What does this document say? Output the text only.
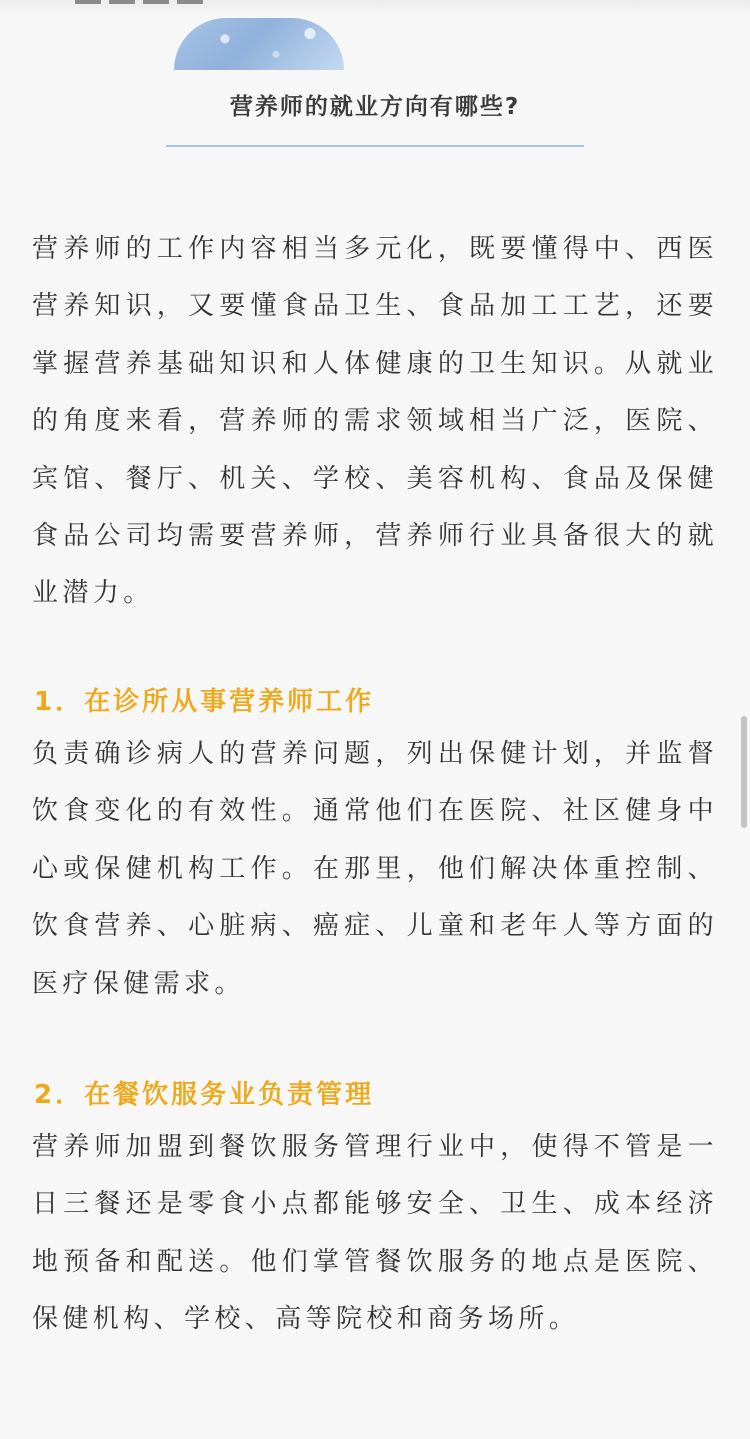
营养师的就业方向有哪些?

营养师的工作内容相当多元化，既要懂得中、西医营养知识，又要懂食品卫生、食品加工工艺，还要掌握营养基础知识和人体健康的卫生知识。从就业的角度来看，营养师的需求领域相当广泛，医院、宾馆、餐厅、机关、学校、美容机构、食品及保健食品公司均需要营养师，营养师行业具备很大的就业潜力。

1．在诊所从事营养师工作

负责确诊病人的营养问题，列出保健计划，并监督饮食变化的有效性。通常他们在医院、社区健身中心或保健机构工作。在那里，他们解决体重控制、饮食营养、心脏病、癌症、儿童和老年人等方面的医疗保健需求。

2．在餐饮服务业负责管理

营养师加盟到餐饮服务管理行业中，使得不管是一日三餐还是零食小点都能够安全、卫生、成本经济地预备和配送。他们掌管餐饮服务的地点是医院、保健机构、学校、高等院校和商务场所。
